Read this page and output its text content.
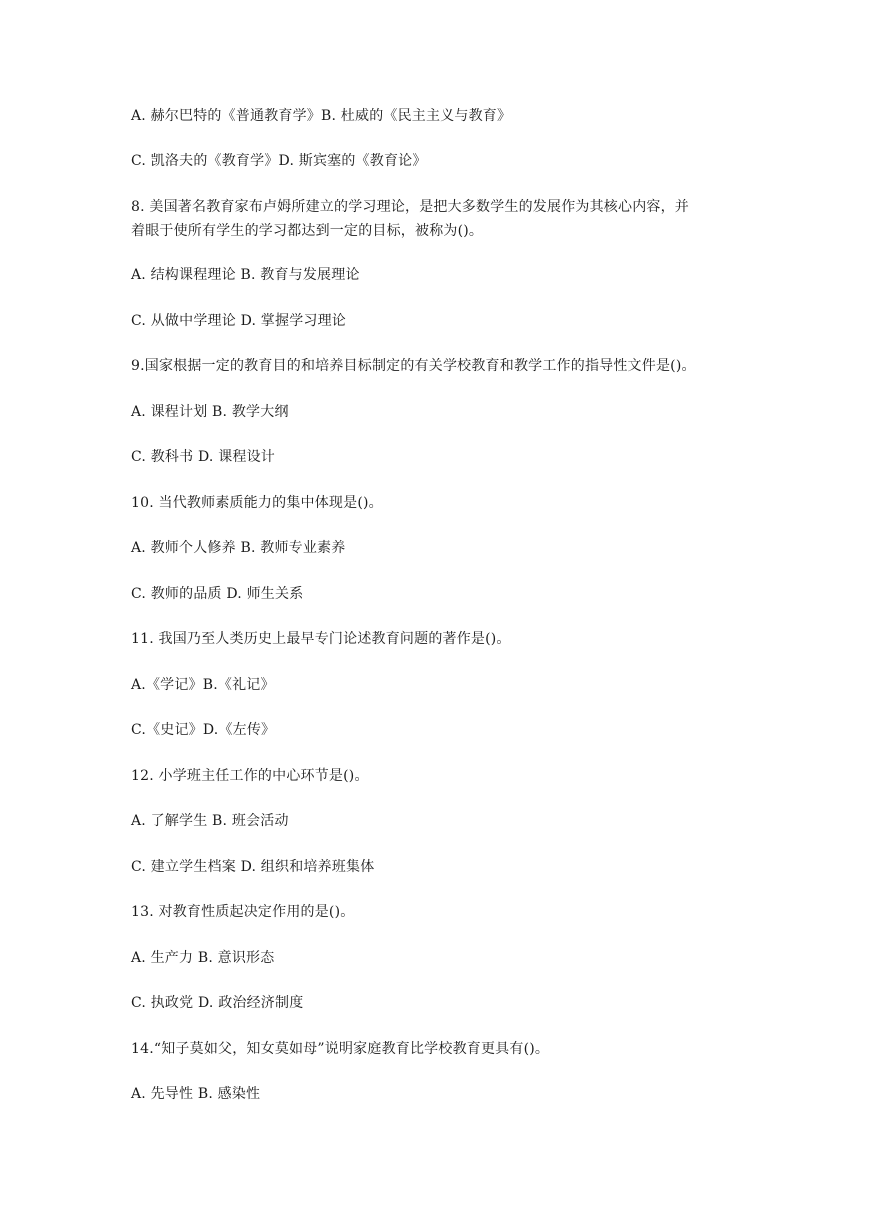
A. 赫尔巴特的《普通教育学》B. 杜威的《民主主义与教育》
C. 凯洛夫的《教育学》D. 斯宾塞的《教育论》
8. 美国著名教育家布卢姆所建立的学习理论，是把大多数学生的发展作为其核心内容，并
着眼于使所有学生的学习都达到一定的目标，被称为()。
A. 结构课程理论 B. 教育与发展理论
C. 从做中学理论 D. 掌握学习理论
9.国家根据一定的教育目的和培养目标制定的有关学校教育和教学工作的指导性文件是()。
A. 课程计划 B. 教学大纲
C. 教科书 D. 课程设计
10. 当代教师素质能力的集中体现是()。
A. 教师个人修养 B. 教师专业素养
C. 教师的品质 D. 师生关系
11. 我国乃至人类历史上最早专门论述教育问题的著作是()。
A.《学记》B.《礼记》
C.《史记》D.《左传》
12. 小学班主任工作的中心环节是()。
A. 了解学生 B. 班会活动
C. 建立学生档案 D. 组织和培养班集体
13. 对教育性质起决定作用的是()。
A. 生产力 B. 意识形态
C. 执政党 D. 政治经济制度
14.“知子莫如父，知女莫如母”说明家庭教育比学校教育更具有()。
A. 先导性 B. 感染性
